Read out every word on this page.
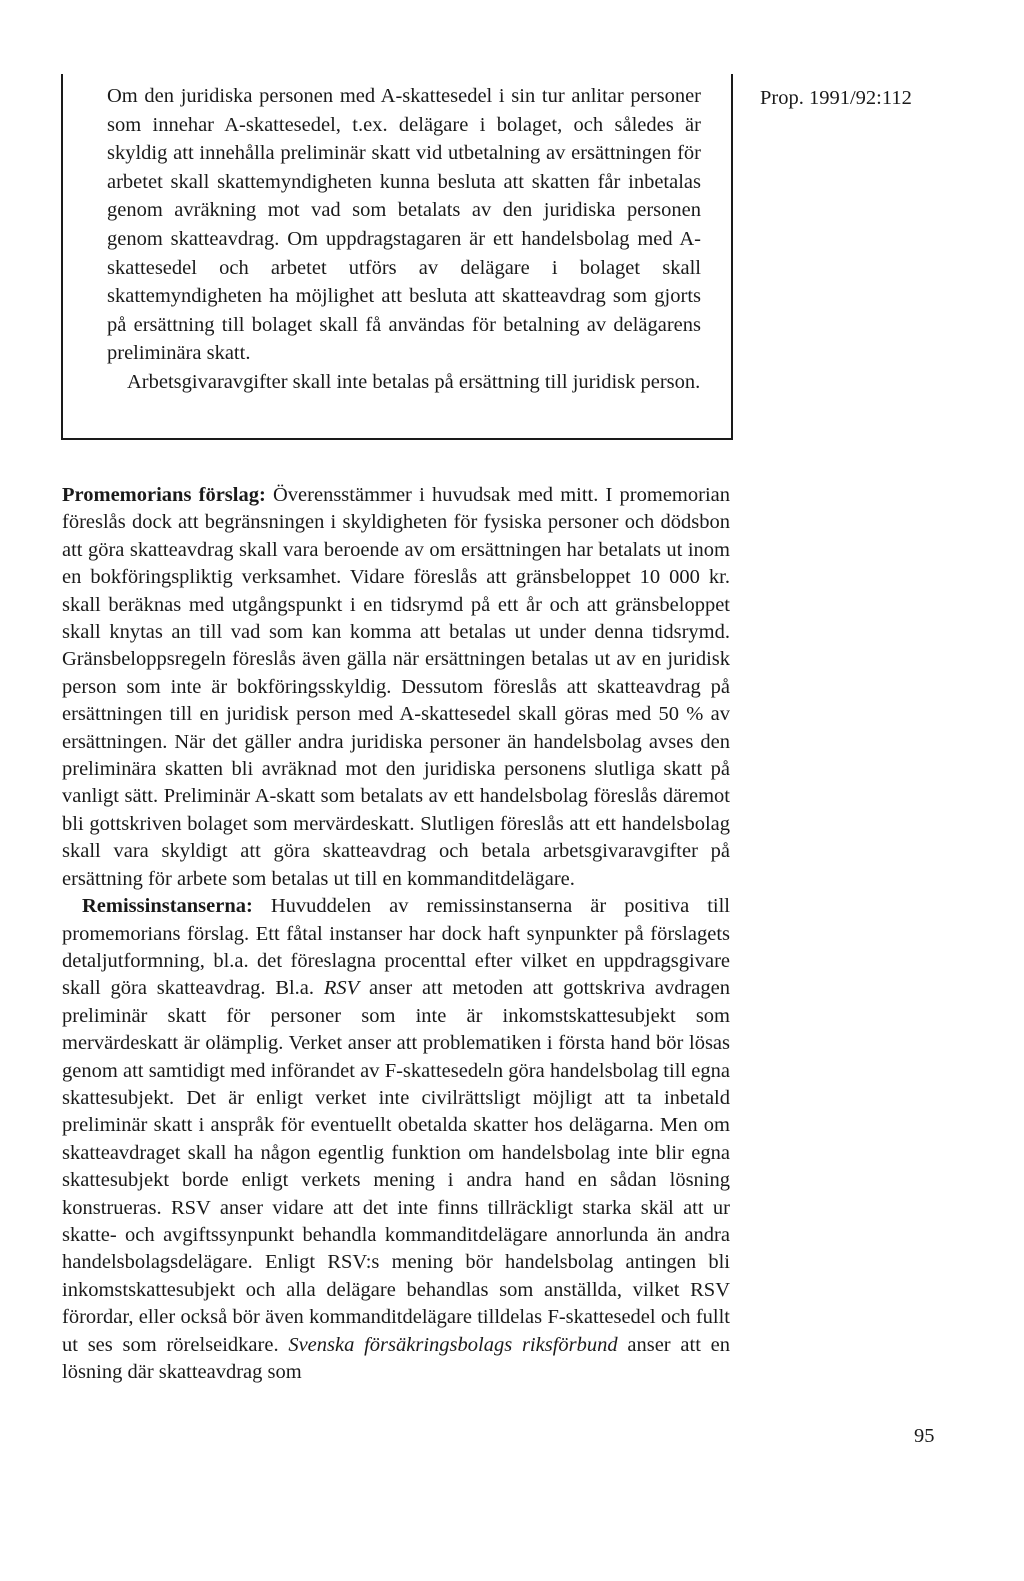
Om den juridiska personen med A-skattesedel i sin tur anlitar personer som innehar A-skattesedel, t.ex. delägare i bolaget, och således är skyldig att innehålla preliminär skatt vid utbetalning av ersättningen för arbetet skall skattemyndigheten kunna besluta att skatten får inbetalas genom avräkning mot vad som betalats av den juridiska personen genom skatteavdrag. Om uppdragstagaren är ett handelsbolag med A-skattesedel och arbetet utförs av delägare i bolaget skall skattemyndigheten ha möjlighet att besluta att skatteavdrag som gjorts på ersättning till bolaget skall få användas för betalning av delägarens preliminära skatt.

Arbetsgivaravgifter skall inte betalas på ersättning till juridisk person.

Prop. 1991/92:112

Promemorians förslag: Överensstämmer i huvudsak med mitt. I promemorian föreslås dock att begränsningen i skyldigheten för fysiska personer och dödsbon att göra skatteavdrag skall vara beroende av om ersättningen har betalats ut inom en bokföringspliktig verksamhet. Vidare föreslås att gränsbeloppet 10 000 kr. skall beräknas med utgångspunkt i en tidsrymd på ett år och att gränsbeloppet skall knytas an till vad som kan komma att betalas ut under denna tidsrymd. Gränsbeloppsregeln föreslås även gälla när ersättningen betalas ut av en juridisk person som inte är bokföringsskyldig. Dessutom föreslås att skatteavdrag på ersättningen till en juridisk person med A-skattesedel skall göras med 50 % av ersättningen. När det gäller andra juridiska personer än handelsbolag avses den preliminära skatten bli avräknad mot den juridiska personens slutliga skatt på vanligt sätt. Preliminär A-skatt som betalats av ett handelsbolag föreslås däremot bli gottskriven bolaget som mervärdeskatt. Slutligen föreslås att ett handelsbolag skall vara skyldigt att göra skatteavdrag och betala arbetsgivaravgifter på ersättning för arbete som betalas ut till en kommanditdelägare.

Remissinstanserna: Huvuddelen av remissinstanserna är positiva till promemorians förslag. Ett fåtal instanser har dock haft synpunkter på förslagets detaljutformning, bl.a. det föreslagna procenttal efter vilket en uppdragsgivare skall göra skatteavdrag. Bl.a. RSV anser att metoden att gottskriva avdragen preliminär skatt för personer som inte är inkomstskattesubjekt som mervärdeskatt är olämplig. Verket anser att problematiken i första hand bör lösas genom att samtidigt med införandet av F-skattesedeln göra handelsbolag till egna skattesubjekt. Det är enligt verket inte civilrättsligt möjligt att ta inbetald preliminär skatt i anspråk för eventuellt obetalda skatter hos delägarna. Men om skatteavdraget skall ha någon egentlig funktion om handelsbolag inte blir egna skattesubjekt borde enligt verkets mening i andra hand en sådan lösning konstrueras. RSV anser vidare att det inte finns tillräckligt starka skäl att ur skatte- och avgiftssynpunkt behandla kommanditdelägare annorlunda än andra handelsbolagsdelägare. Enligt RSV:s mening bör handelsbolag antingen bli inkomstskattesubjekt och alla delägare behandlas som anställda, vilket RSV förordar, eller också bör även kommanditdelägare tilldelas F-skattesedel och fullt ut ses som rörelseidkare. Svenska försäkringsbolags riksförbund anser att en lösning där skatteavdrag som

95
